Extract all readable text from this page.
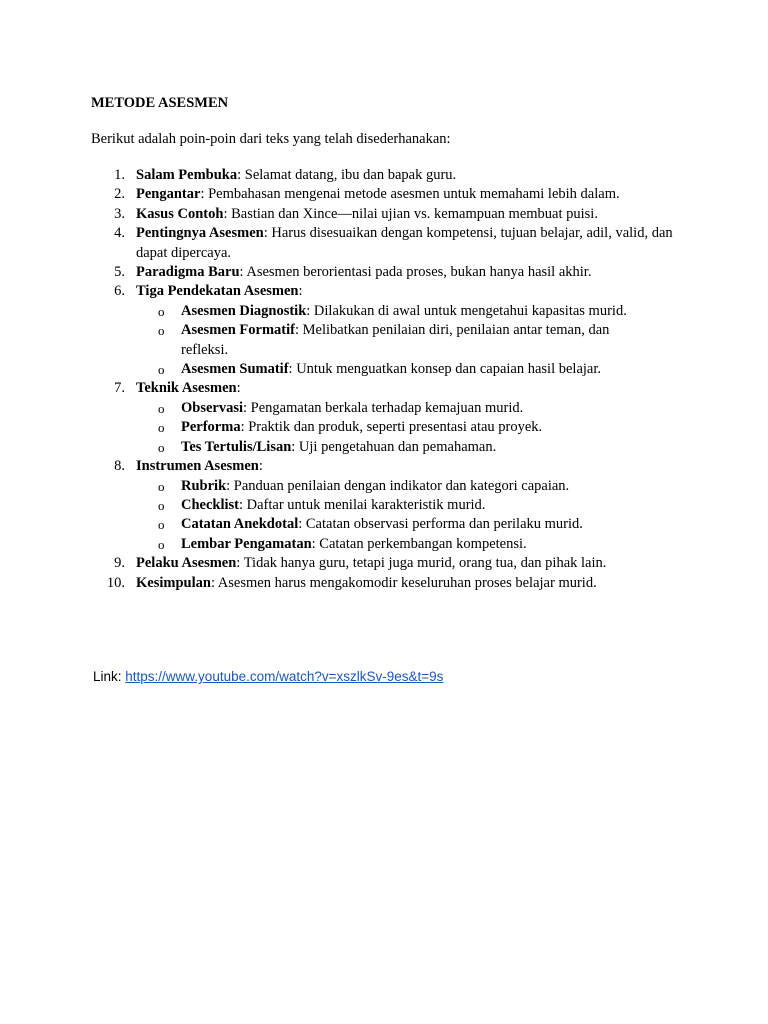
METODE ASESMEN
Berikut adalah poin-poin dari teks yang telah disederhanakan:
1. Salam Pembuka: Selamat datang, ibu dan bapak guru.
2. Pengantar: Pembahasan mengenai metode asesmen untuk memahami lebih dalam.
3. Kasus Contoh: Bastian dan Xince—nilai ujian vs. kemampuan membuat puisi.
4. Pentingnya Asesmen: Harus disesuaikan dengan kompetensi, tujuan belajar, adil, valid, dan dapat dipercaya.
5. Paradigma Baru: Asesmen berorientasi pada proses, bukan hanya hasil akhir.
6. Tiga Pendekatan Asesmen:
o Asesmen Diagnostik: Dilakukan di awal untuk mengetahui kapasitas murid.
o Asesmen Formatif: Melibatkan penilaian diri, penilaian antar teman, dan refleksi.
o Asesmen Sumatif: Untuk menguatkan konsep dan capaian hasil belajar.
7. Teknik Asesmen:
o Observasi: Pengamatan berkala terhadap kemajuan murid.
o Performa: Praktik dan produk, seperti presentasi atau proyek.
o Tes Tertulis/Lisan: Uji pengetahuan dan pemahaman.
8. Instrumen Asesmen:
o Rubrik: Panduan penilaian dengan indikator dan kategori capaian.
o Checklist: Daftar untuk menilai karakteristik murid.
o Catatan Anekdotal: Catatan observasi performa dan perilaku murid.
o Lembar Pengamatan: Catatan perkembangan kompetensi.
9. Pelaku Asesmen: Tidak hanya guru, tetapi juga murid, orang tua, dan pihak lain.
10. Kesimpulan: Asesmen harus mengakomodir keseluruhan proses belajar murid.
Link: https://www.youtube.com/watch?v=xszlkSv-9es&t=9s
